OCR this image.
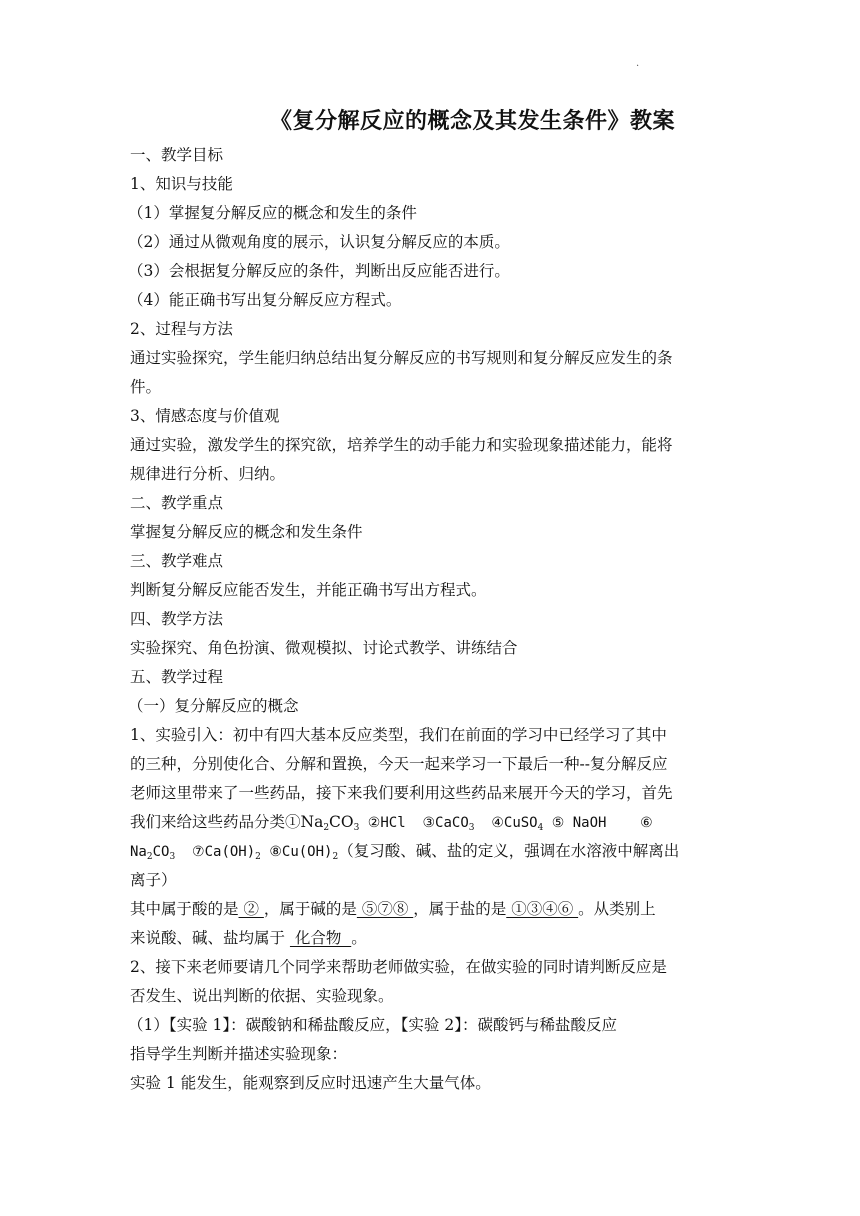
.
《复分解反应的概念及其发生条件》教案
一、教学目标
1、知识与技能
（1）掌握复分解反应的概念和发生的条件
（2）通过从微观角度的展示，认识复分解反应的本质。
（3）会根据复分解反应的条件，判断出反应能否进行。
（4）能正确书写出复分解反应方程式。
2、过程与方法
通过实验探究，学生能归纳总结出复分解反应的书写规则和复分解反应发生的条
件。
3、情感态度与价值观
通过实验，激发学生的探究欲，培养学生的动手能力和实验现象描述能力，能将
规律进行分析、归纳。
二、教学重点
掌握复分解反应的概念和发生条件
三、教学难点
判断复分解反应能否发生，并能正确书写出方程式。
四、教学方法
实验探究、角色扮演、微观模拟、讨论式教学、讲练结合
五、教学过程
（一）复分解反应的概念
1、实验引入：初中有四大基本反应类型，我们在前面的学习中已经学习了其中
的三种，分别使化合、分解和置换，今天一起来学习一下最后一种--复分解反应
老师这里带来了一些药品，接下来我们要利用这些药品来展开今天的学习，首先
我们来给这些药品分类$①Na_2CO_3$ ②HCl  ③CaCO$_3$  ④CuSO$_4$ ⑤ NaOH    ⑥
$Na_2CO_3$  $⑦Ca(OH)_2$ $⑧Cu(OH)_2$（复习酸、碱、盐的定义，强调在水溶液中解离出
离子）
其中属于酸的是 ② ，属于碱的是 ⑤⑦⑧ ，属于盐的是 ①③④⑥ 。从类别上
来说酸、碱、盐均属于  化合物  。
2、接下来老师要请几个同学来帮助老师做实验，在做实验的同时请判断反应是
否发生、说出判断的依据、实验现象。
（1）【实验 1】：碳酸钠和稀盐酸反应，【实验 2】：碳酸钙与稀盐酸反应
指导学生判断并描述实验现象：
实验 1 能发生，能观察到反应时迅速产生大量气体。
